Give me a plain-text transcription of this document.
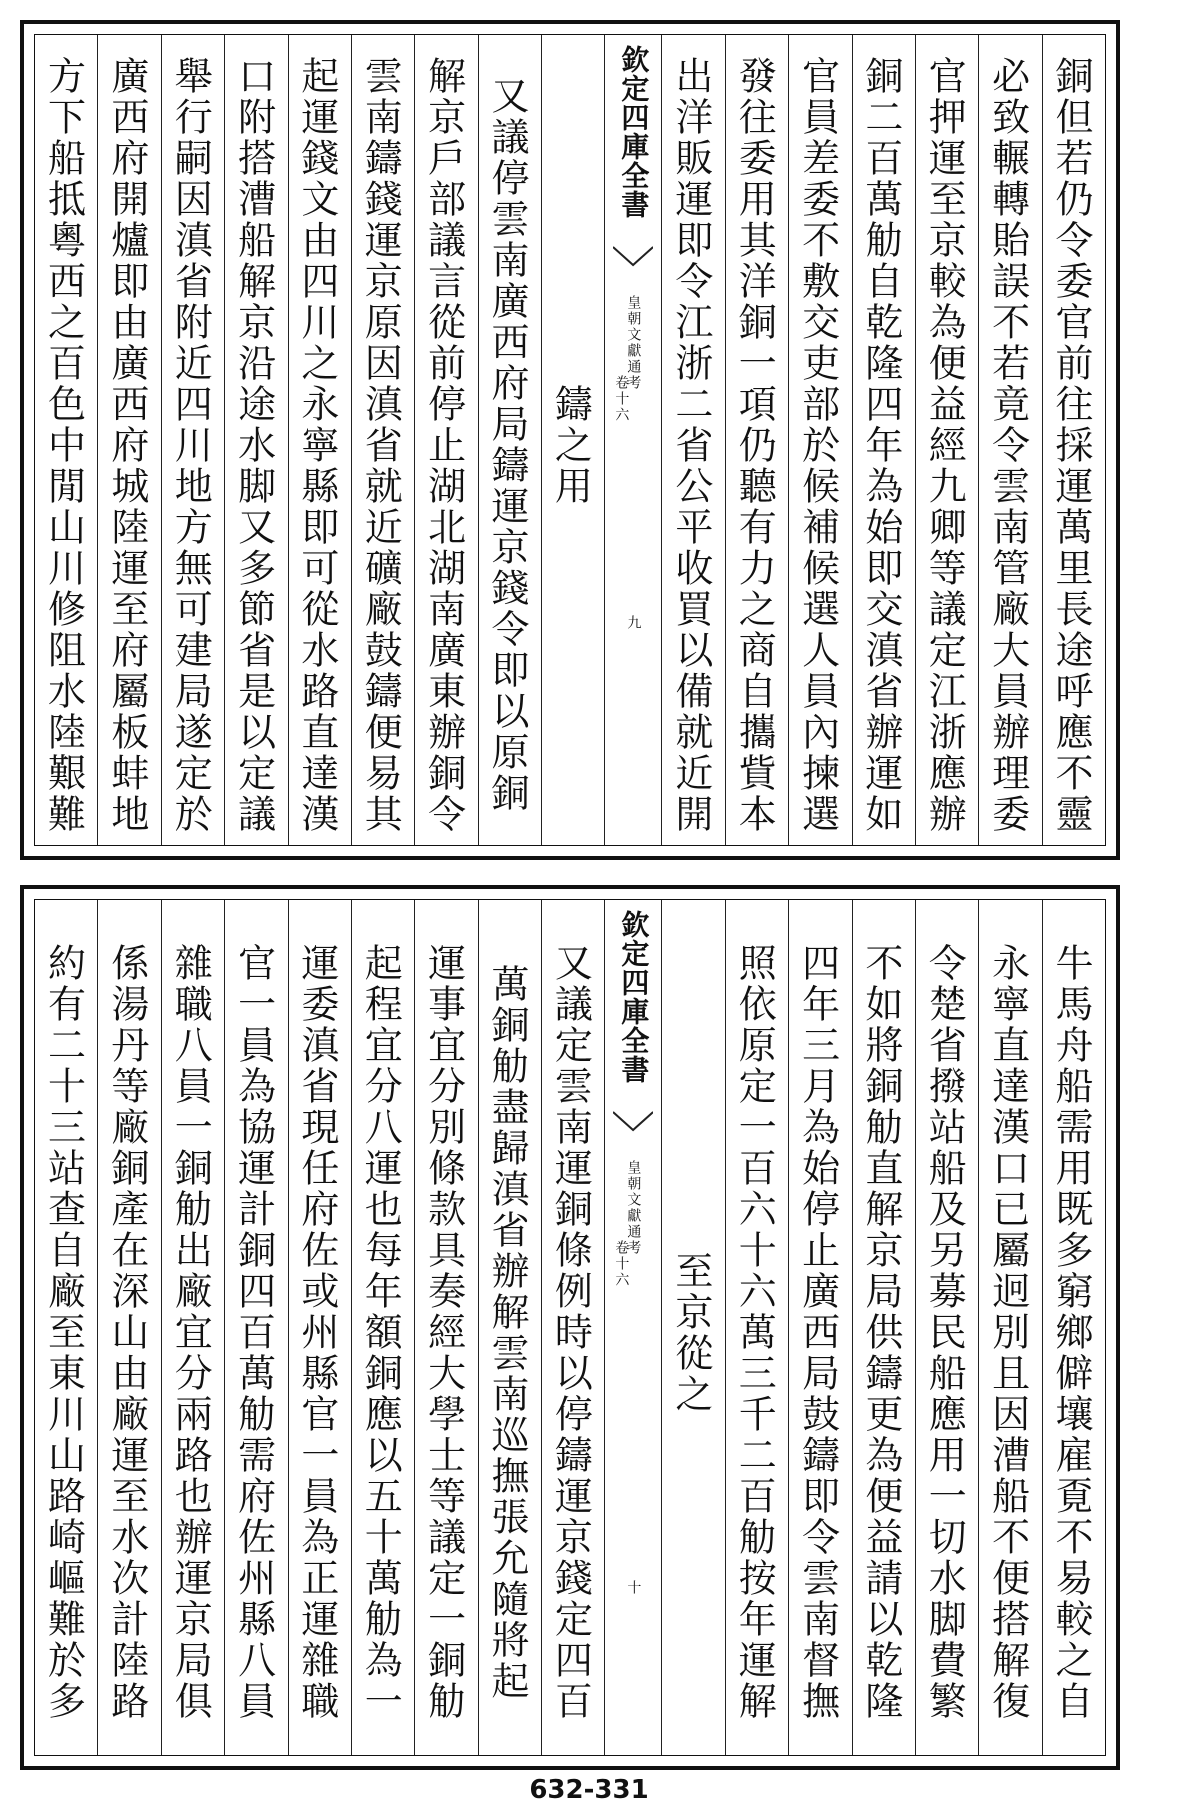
銅但若仍令委官前往採運萬里長途呼應不靈
必致輾轉貽誤不若竟令雲南管廠大員辦理委
官押運至京較為便益經九卿等議定江浙應辦
銅二百萬觔自乾隆四年為始即交滇省辦運如
官員差委不敷交吏部於候補候選人員內揀選
發往委用其洋銅一項仍聽有力之商自攜貲本
出洋販運即令江浙二省公平收買以備就近開
欽定四庫全書
皇朝文獻通考
卷十六
九
鑄之用
又議停雲南廣西府局鑄運京錢令即以原銅
解京戶部議言從前停止湖北湖南廣東辦銅令
雲南鑄錢運京原因滇省就近礦廠鼓鑄便易其
起運錢文由四川之永寧縣即可從水路直達漢
口附搭漕船解京沿途水脚又多節省是以定議
舉行嗣因滇省附近四川地方無可建局遂定於
廣西府開爐即由廣西府城陸運至府屬板蚌地
方下船抵粵西之百色中閒山川修阻水陸艱難
牛馬舟船需用既多窮鄉僻壤雇覔不易較之自
永寧直達漢口已屬迥別且因漕船不便搭解復
令楚省撥站船及另募民船應用一切水脚費繁
不如將銅觔直解京局供鑄更為便益請以乾隆
四年三月為始停止廣西局鼓鑄即令雲南督撫
照依原定一百六十六萬三千二百觔按年運解
至京從之
欽定四庫全書
皇朝文獻通考
卷十六
十
又議定雲南運銅條例時以停鑄運京錢定四百
萬銅觔盡歸滇省辦解雲南巡撫張允隨將起
運事宜分別條款具奏經大學士等議定一銅觔
起程宜分八運也每年額銅應以五十萬觔為一
運委滇省現任府佐或州縣官一員為正運雜職
官一員為協運計銅四百萬觔需府佐州縣八員
雜職八員一銅觔出廠宜分兩路也辦運京局俱
係湯丹等廠銅產在深山由廠運至水次計陸路
約有二十三站查自廠至東川山路崎嶇難於多
632-331
